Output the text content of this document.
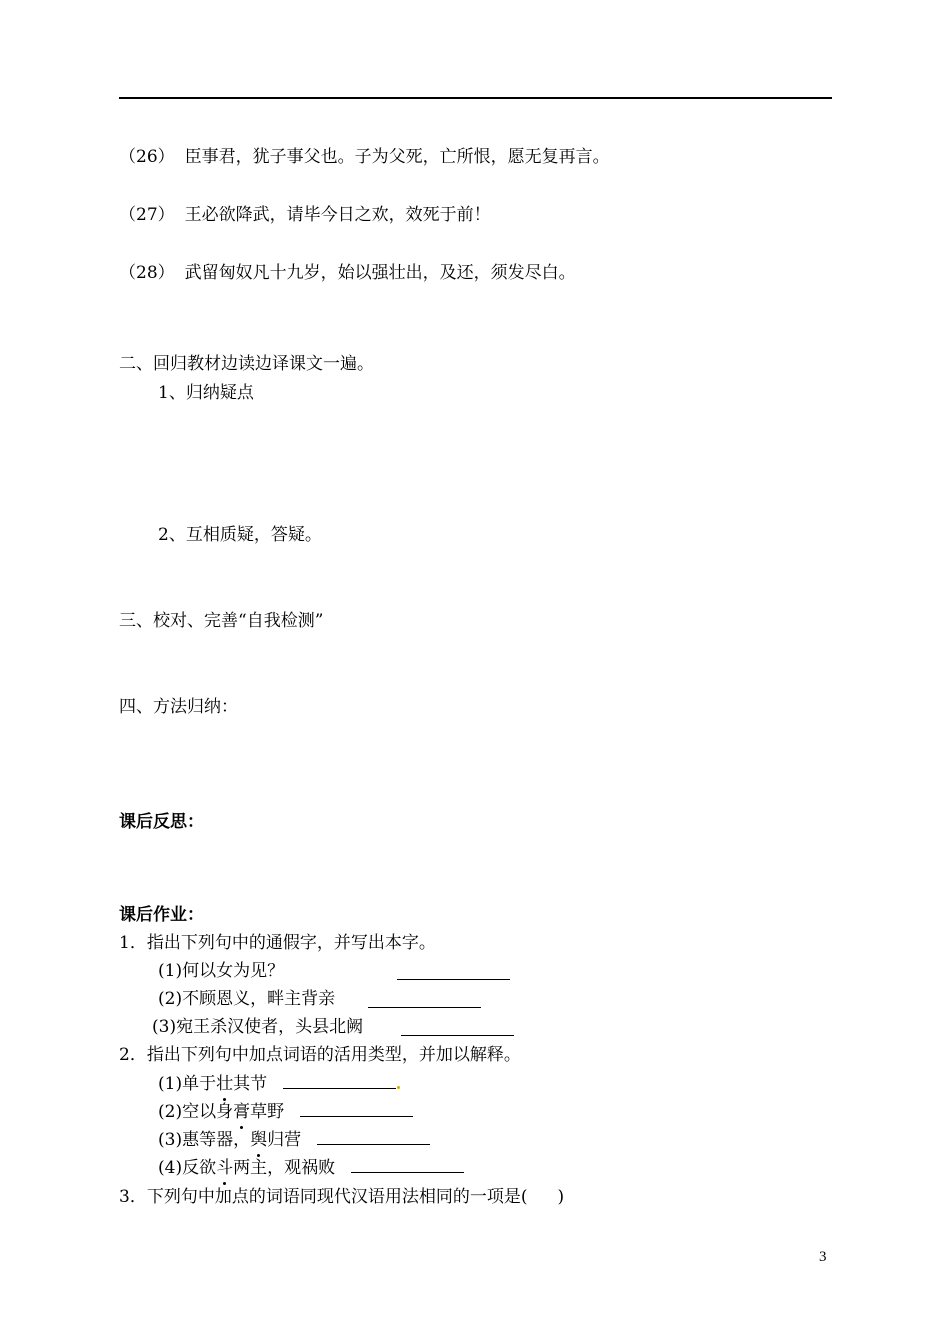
（26） 臣事君，犹子事父也。子为父死，亡所恨，愿无复再言。
（27） 王必欲降武，请毕今日之欢，效死于前！
（28） 武留匈奴凡十九岁，始以强壮出，及还，须发尽白。
二、回归教材边读边译课文一遍。
1、归纳疑点
2、互相质疑，答疑。
三、校对、完善“自我检测”
四、方法归纳：
课后反思：
课后作业：
1．指出下列句中的通假字，并写出本字。
(1)何以女为见？
(2)不顾恩义，畔主背亲
(3)宛王杀汉使者，头县北阙
2．指出下列句中加点词语的活用类型，并加以解释。
(1)单于壮其节
(2)空以身膏草野
(3)惠等器，舆归营
(4)反欲斗两主，观祸败
3．下列句中加点的词语同现代汉语用法相同的一项是( )
3
